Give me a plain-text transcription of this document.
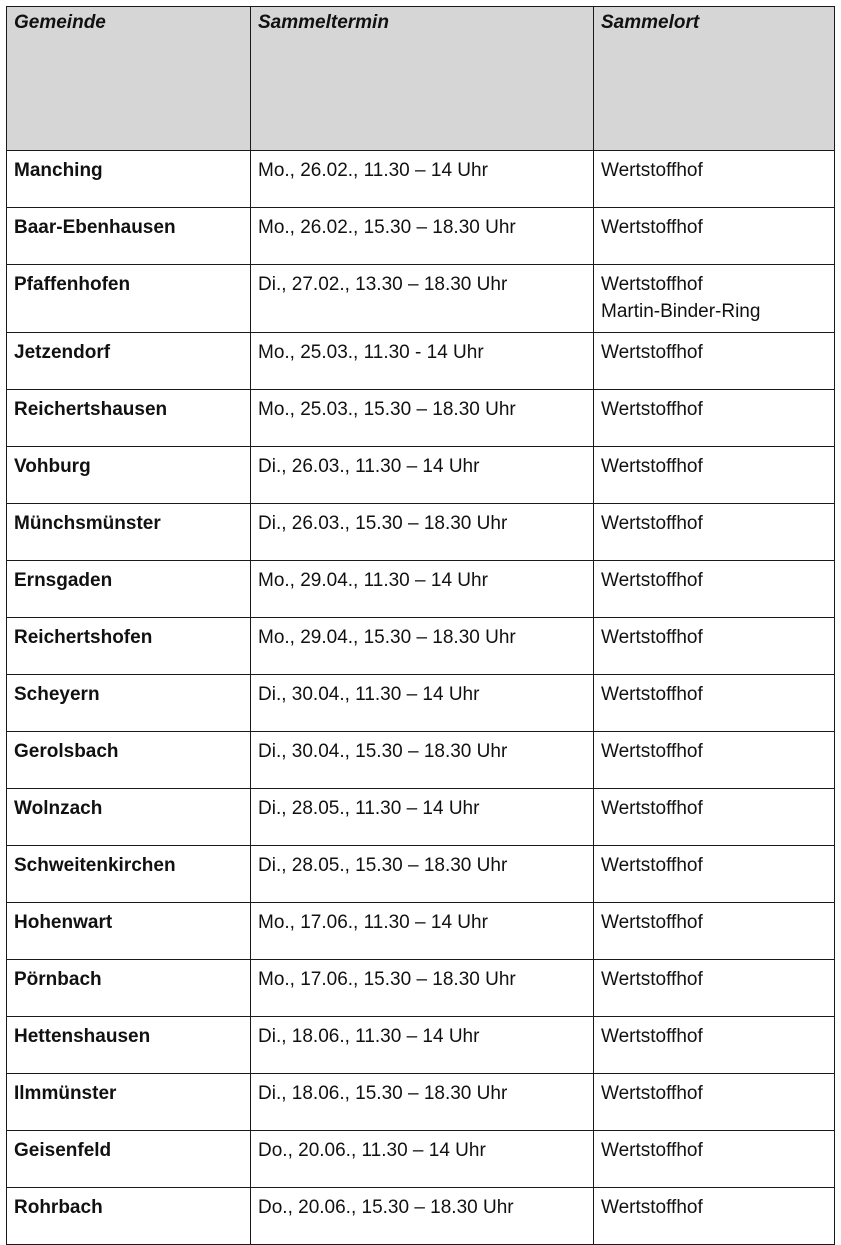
Gemeinde	Sammeltermin	Sammelort
Manching	Mo., 26.02., 11.30 – 14 Uhr	Wertstoffhof

Baar-Ebenhausen	Mo., 26.02., 15.30 – 18.30 Uhr	Wertstoffhof

Pfaffenhofen	Di., 27.02., 13.30 – 18.30 Uhr	Wertstoffhof
Martin-Binder-Ring

Jetzendorf	Mo., 25.03., 11.30 - 14 Uhr	Wertstoffhof

Reichertshausen	Mo., 25.03., 15.30 – 18.30 Uhr	Wertstoffhof

Vohburg	Di., 26.03., 11.30 – 14 Uhr	Wertstoffhof

Münchsmünster	Di., 26.03., 15.30 – 18.30 Uhr	Wertstoffhof

Ernsgaden	Mo., 29.04., 11.30 – 14 Uhr	Wertstoffhof

Reichertshofen	Mo., 29.04., 15.30 – 18.30 Uhr	Wertstoffhof

Scheyern	Di., 30.04., 11.30 – 14 Uhr	Wertstoffhof

Gerolsbach	Di., 30.04., 15.30 – 18.30 Uhr	Wertstoffhof

Wolnzach	Di., 28.05., 11.30 – 14 Uhr	Wertstoffhof

Schweitenkirchen	Di., 28.05., 15.30 – 18.30 Uhr	Wertstoffhof

Hohenwart	Mo., 17.06., 11.30 – 14 Uhr	Wertstoffhof

Pörnbach	Mo., 17.06., 15.30 – 18.30 Uhr	Wertstoffhof

Hettenshausen	Di., 18.06., 11.30 – 14 Uhr	Wertstoffhof

Ilmmünster	Di., 18.06., 15.30 – 18.30 Uhr	Wertstoffhof

Geisenfeld	Do., 20.06., 11.30 – 14 Uhr	Wertstoffhof

Rohrbach	Do., 20.06., 15.30 – 18.30 Uhr	Wertstoffhof
